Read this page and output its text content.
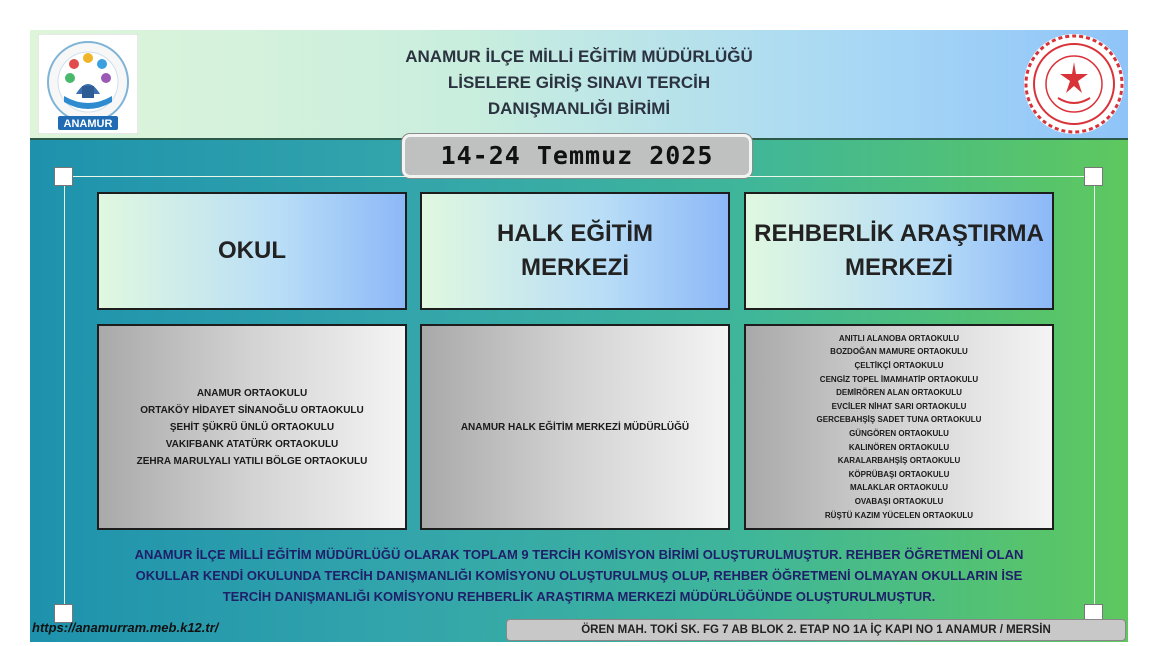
ANAMUR
ANAMUR İLÇE MİLLİ EĞİTİM MÜDÜRLÜĞÜ
LİSELERE GİRİŞ SINAVI TERCİH
DANIŞMANLIĞI BİRİMİ
14-24 Temmuz 2025
OKUL
HALK EĞİTİM
MERKEZİ
REHBERLİK ARAŞTIRMA
MERKEZİ
ANAMUR ORTAOKULU
ORTAKÖY HİDAYET SİNANOĞLU ORTAOKULU
ŞEHİT ŞÜKRÜ ÜNLÜ ORTAOKULU
VAKIFBANK ATATÜRK ORTAOKULU
ZEHRA MARULYALI YATILI BÖLGE ORTAOKULU
ANAMUR HALK EĞİTİM MERKEZİ MÜDÜRLÜĞÜ
ANITLI ALANOBA ORTAOKULU
BOZDOĞAN MAMURE ORTAOKULU
ÇELTİKÇİ ORTAOKULU
CENGİZ TOPEL İMAMHATİP ORTAOKULU
DEMİRÖREN ALAN ORTAOKULU
EVCİLER NİHAT SARI ORTAOKULU
GERCEBAHŞİŞ SADET TUNA ORTAOKULU
GÜNGÖREN ORTAOKULU
KALINÖREN ORTAOKULU
KARALARBAHŞİŞ ORTAOKULU
KÖPRÜBAŞI ORTAOKULU
MALAKLAR ORTAOKULU
OVABAŞI ORTAOKULU
RÜŞTÜ KAZIM YÜCELEN ORTAOKULU
ANAMUR İLÇE MİLLİ EĞİTİM MÜDÜRLÜĞÜ OLARAK TOPLAM 9 TERCİH KOMİSYON BİRİMİ OLUŞTURULMUŞTUR. REHBER ÖĞRETMENİ OLAN
OKULLAR KENDİ OKULUNDA TERCİH DANIŞMANLIĞI KOMİSYONU OLUŞTURULMUŞ OLUP, REHBER ÖĞRETMENİ OLMAYAN OKULLARIN İSE
TERCİH DANIŞMANLIĞI KOMİSYONU REHBERLİK ARAŞTIRMA MERKEZİ MÜDÜRLÜĞÜNDE OLUŞTURULMUŞTUR.
https://anamurram.meb.k12.tr/	ÖREN MAH. TOKİ SK. FG 7 AB BLOK 2. ETAP NO 1A İÇ KAPI NO 1 ANAMUR / MERSİN
